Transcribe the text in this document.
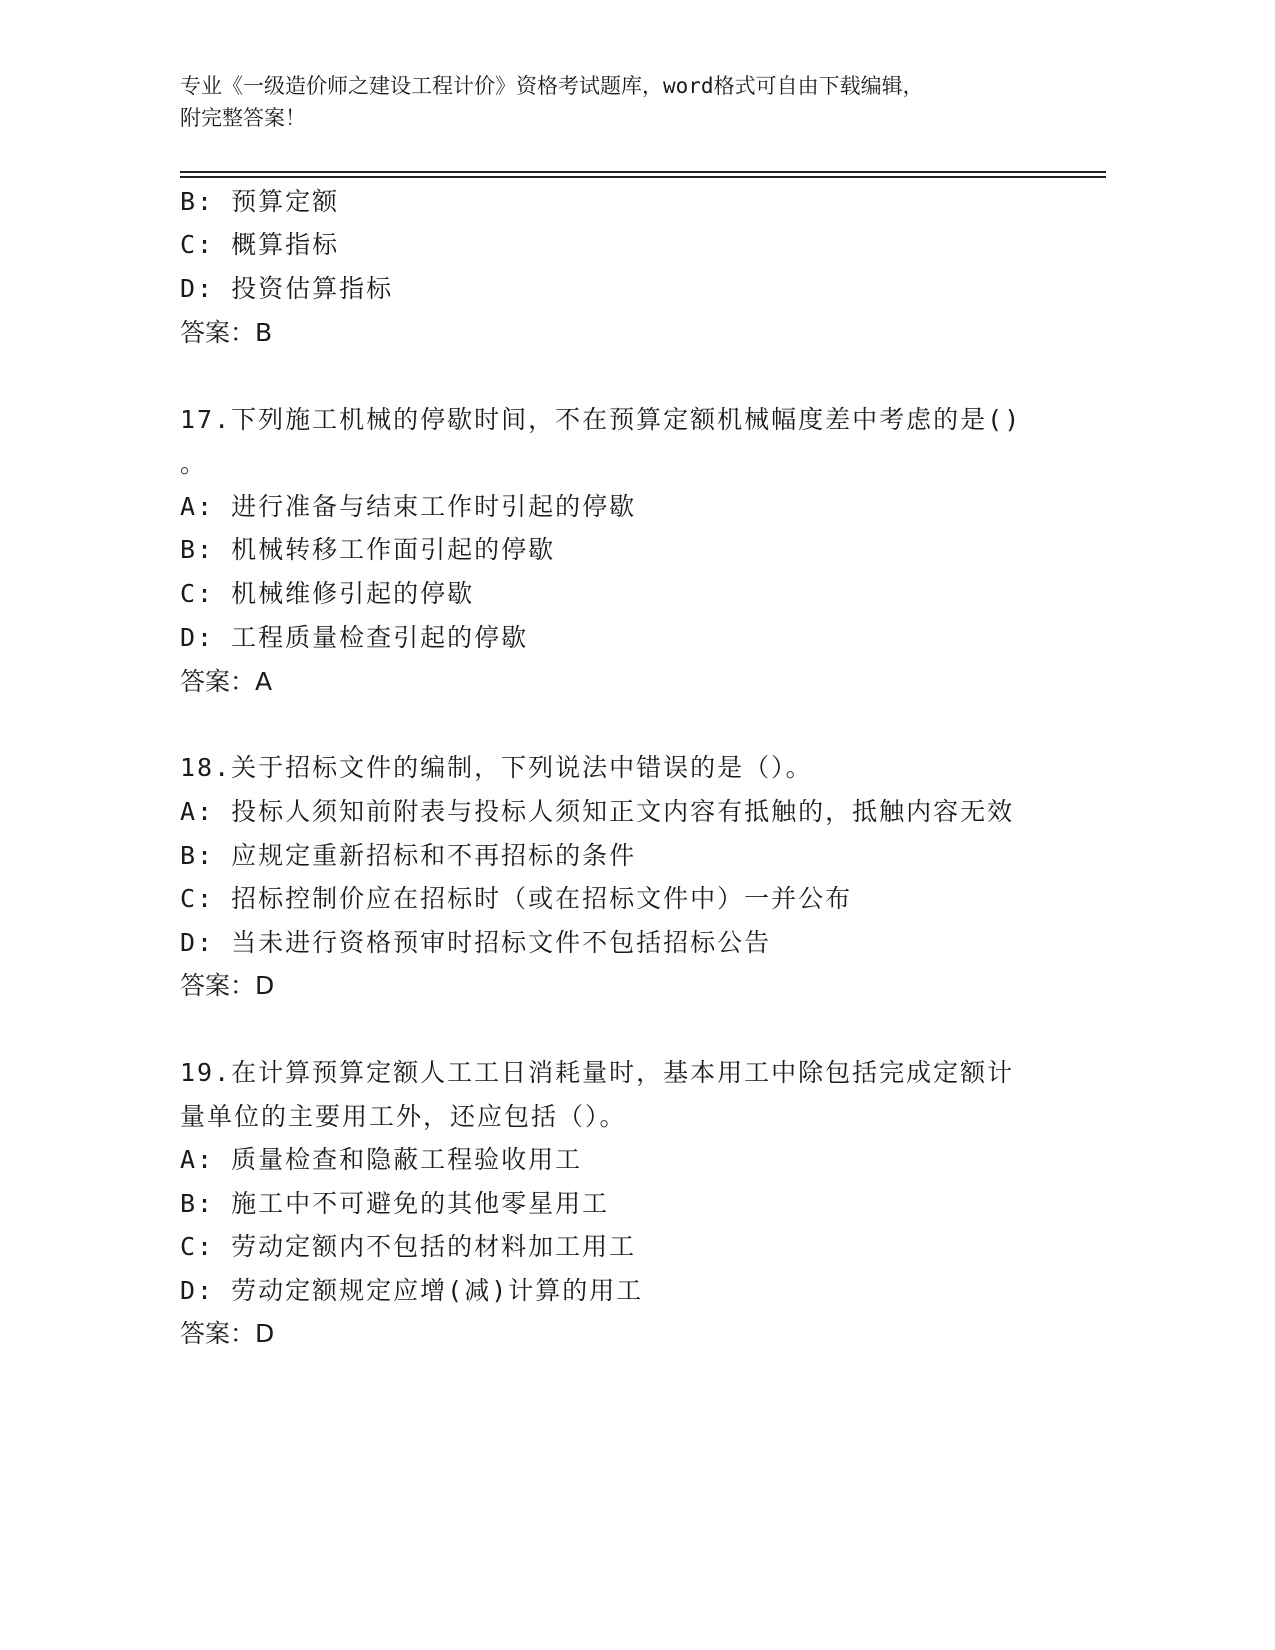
专业《一级造价师之建设工程计价》资格考试题库，word格式可自由下载编辑，
附完整答案！
B: 预算定额
C: 概算指标
D: 投资估算指标
答案：B
17.下列施工机械的停歇时间，不在预算定额机械幅度差中考虑的是()
。
A: 进行准备与结束工作时引起的停歇
B: 机械转移工作面引起的停歇
C: 机械维修引起的停歇
D: 工程质量检查引起的停歇
答案：A
18.关于招标文件的编制，下列说法中错误的是（）。
A: 投标人须知前附表与投标人须知正文内容有抵触的，抵触内容无效
B: 应规定重新招标和不再招标的条件
C: 招标控制价应在招标时（或在招标文件中）一并公布
D: 当未进行资格预审时招标文件不包括招标公告
答案：D
19.在计算预算定额人工工日消耗量时，基本用工中除包括完成定额计
量单位的主要用工外，还应包括（）。
A: 质量检查和隐蔽工程验收用工
B: 施工中不可避免的其他零星用工
C: 劳动定额内不包括的材料加工用工
D: 劳动定额规定应增(减)计算的用工
答案：D
